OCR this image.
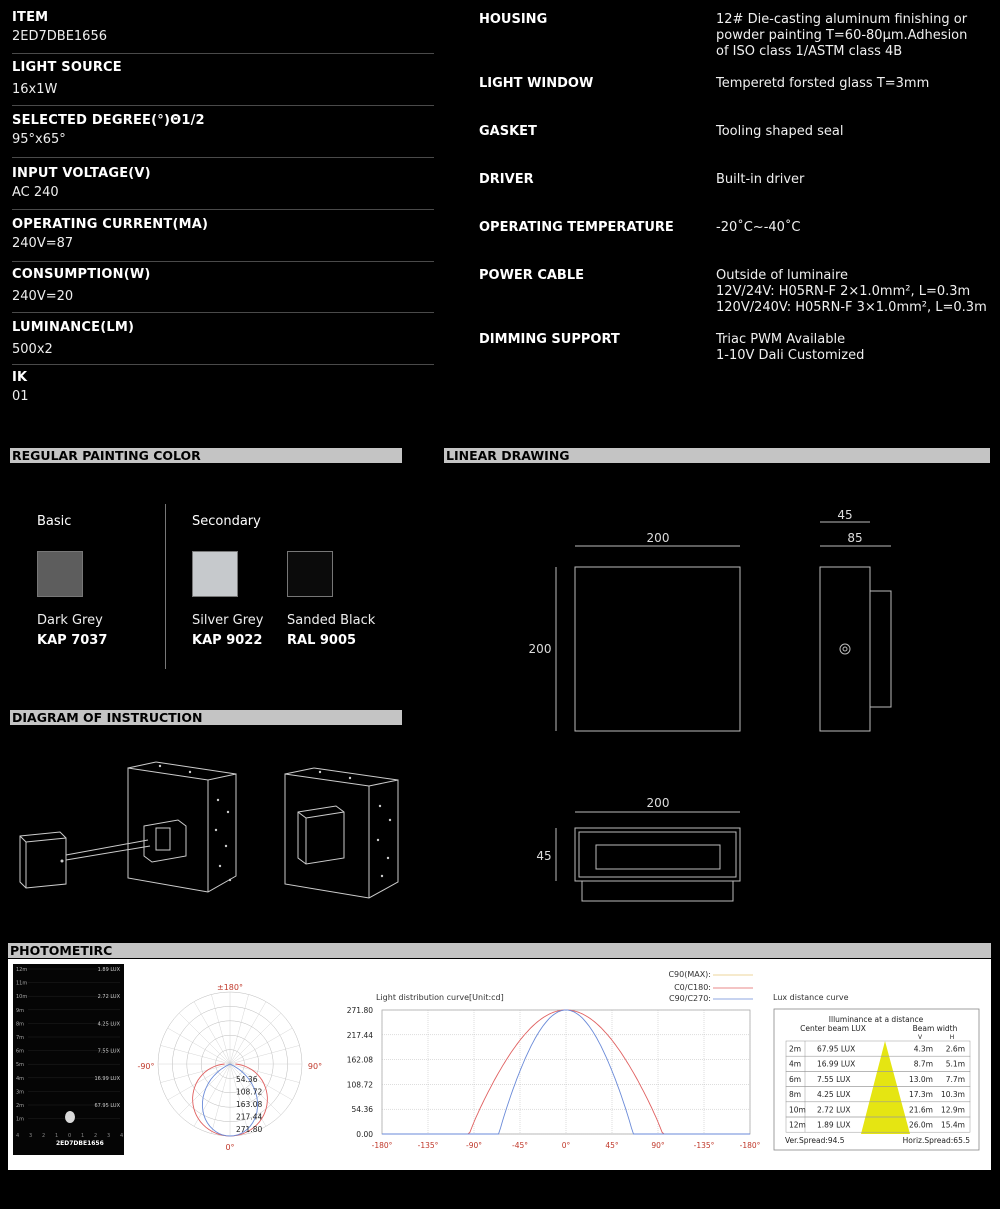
ITEM
2ED7DBE1656
LIGHT SOURCE
16x1W
SELECTED DEGREE(°)Θ1/2
95°x65°
INPUT VOLTAGE(V)
AC 240
OPERATING CURRENT(MA)
240V=87
CONSUMPTION(W)
240V=20
LUMINANCE(LM)
500x2
IK
01
HOUSING	12# Die-casting aluminum finishing or
powder painting T=60-80μm.Adhesion
of ISO class 1/ASTM class 4B
LIGHT WINDOW	Temperetd forsted glass T=3mm
GASKET	Tooling shaped seal
DRIVER	Built-in driver
OPERATING TEMPERATURE	-20˚C~-40˚C
POWER CABLE	Outside of luminaire
12V/24V: H05RN-F 2×1.0mm², L=0.3m
120V/240V: H05RN-F 3×1.0mm², L=0.3m
DIMMING SUPPORT	Triac PWM Available
1-10V Dali Customized
REGULAR PAINTING COLOR	LINEAR DRAWING
DIAGRAM OF INSTRUCTION
PHOTOMETIRC
Basic	Secondary
Dark Grey
KAP 7037
Silver Grey
KAP 9022
Sanded Black
RAL 9005
200
200
45
85
200
45
12m
11m
10m
9m
8m
7m
6m
5m
4m
3m
2m
1m
1.89 LUX
2.72 LUX
4.25 LUX
7.55 LUX
16.99 LUX
67.95 LUX
4 3 2 1 0 1 2 3 4
2ED7DBE1656
54.36
108.72
163.08
217.44
271.80
±180°
-90°	90°
0°
Light distribution curve[Unit:cd]
C90(MAX):
C0/C180:
C90/C270:
271.80
217.44
162.08
108.72
54.36
0.00
-180°	-135°	-90°	-45°	0°	45°	90°	-135°	-180°
Lux distance curve
Illuminance at a distance
Center beam LUX	Beam width
V	H
2m 67.95 LUX	4.3m 2.6m
4m 16.99 LUX	8.7m 5.1m
6m 7.55 LUX	13.0m 7.7m
8m 4.25 LUX	17.3m 10.3m
10m 2.72 LUX	21.6m 12.9m
12m 1.89 LUX	26.0m 15.4m
Ver.Spread:94.5	Horiz.Spread:65.5
